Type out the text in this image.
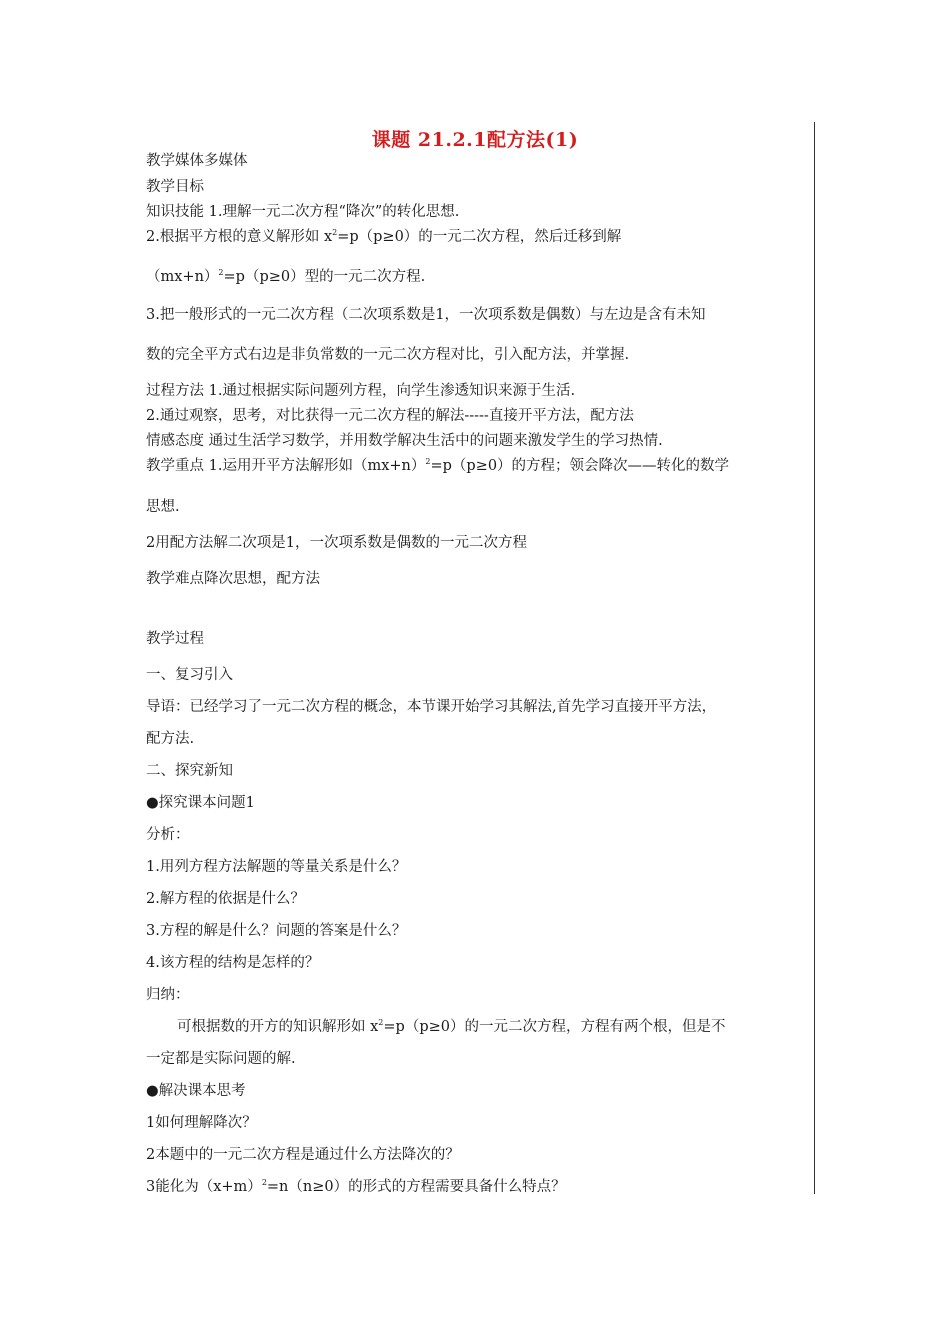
课题 21.2.1配方法(1)
教学媒体多媒体
教学目标
知识技能 1.理解一元二次方程“降次”的转化思想.
2.根据平方根的意义解形如 $x^2=p(p\ge 0)$的一元二次方程，然后迁移到解
$(mx+n)^2=p(p\ge 0)$型的一元二次方程.
3.把一般形式的一元二次方程（二次项系数是1，一次项系数是偶数）与左边是含有未知
数的完全平方式右边是非负常数的一元二次方程对比，引入配方法，并掌握.
过程方法 1.通过根据实际问题列方程，向学生渗透知识来源于生活.
2.通过观察，思考，对比获得一元二次方程的解法-----直接开平方法，配方法
情感态度 通过生活学习数学，并用数学解决生活中的问题来激发学生的学习热情.
教学重点 1.运用开平方法解形如$(mx+n)^2=p(p\ge 0)$的方程；领会降次——转化的数学
思想.
2用配方法解二次项是1，一次项系数是偶数的一元二次方程
教学难点降次思想，配方法
教学过程
一、复习引入
导语：已经学习了一元二次方程的概念，本节课开始学习其解法,首先学习直接开平方法，
配方法.
二、探究新知
●探究课本问题1
分析：
1.用列方程方法解题的等量关系是什么？
2.解方程的依据是什么？
3.方程的解是什么？问题的答案是什么？
4.该方程的结构是怎样的？
归纳：
可根据数的开方的知识解形如 $x^2=p(p\ge 0)$的一元二次方程，方程有两个根，但是不
一定都是实际问题的解.
●解决课本思考
1如何理解降次？
2本题中的一元二次方程是通过什么方法降次的？
3能化为$(x+m)^2=n(n\ge 0)$的形式的方程需要具备什么特点？
